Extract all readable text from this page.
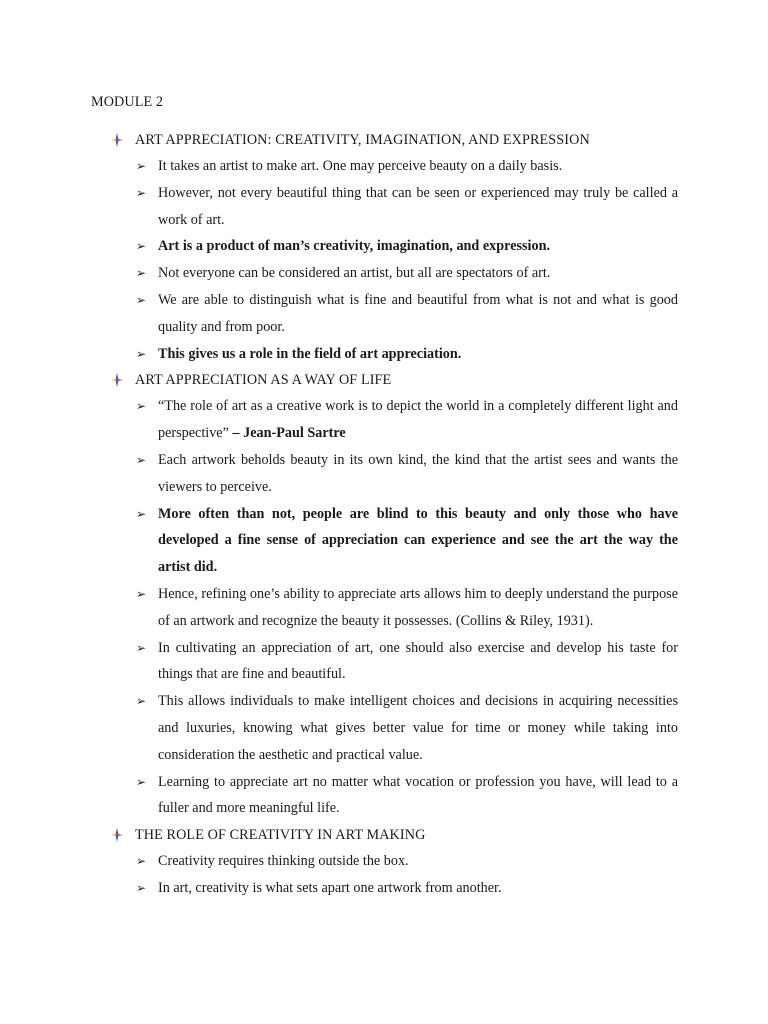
MODULE 2
ART APPRECIATION: CREATIVITY, IMAGINATION, AND EXPRESSION
➢ It takes an artist to make art. One may perceive beauty on a daily basis.
➢ However, not every beautiful thing that can be seen or experienced may truly be called a work of art.
➢ Art is a product of man’s creativity, imagination, and expression.
➢ Not everyone can be considered an artist, but all are spectators of art.
➢ We are able to distinguish what is fine and beautiful from what is not and what is good quality and from poor.
➢ This gives us a role in the field of art appreciation.
ART APPRECIATION AS A WAY OF LIFE
➢ “The role of art as a creative work is to depict the world in a completely different light and perspective” – Jean-Paul Sartre
➢ Each artwork beholds beauty in its own kind, the kind that the artist sees and wants the viewers to perceive.
➢ More often than not, people are blind to this beauty and only those who have developed a fine sense of appreciation can experience and see the art the way the artist did.
➢ Hence, refining one’s ability to appreciate arts allows him to deeply understand the purpose of an artwork and recognize the beauty it possesses. (Collins & Riley, 1931).
➢ In cultivating an appreciation of art, one should also exercise and develop his taste for things that are fine and beautiful.
➢ This allows individuals to make intelligent choices and decisions in acquiring necessities and luxuries, knowing what gives better value for time or money while taking into consideration the aesthetic and practical value.
➢ Learning to appreciate art no matter what vocation or profession you have, will lead to a fuller and more meaningful life.
THE ROLE OF CREATIVITY IN ART MAKING
➢ Creativity requires thinking outside the box.
➢ In art, creativity is what sets apart one artwork from another.
